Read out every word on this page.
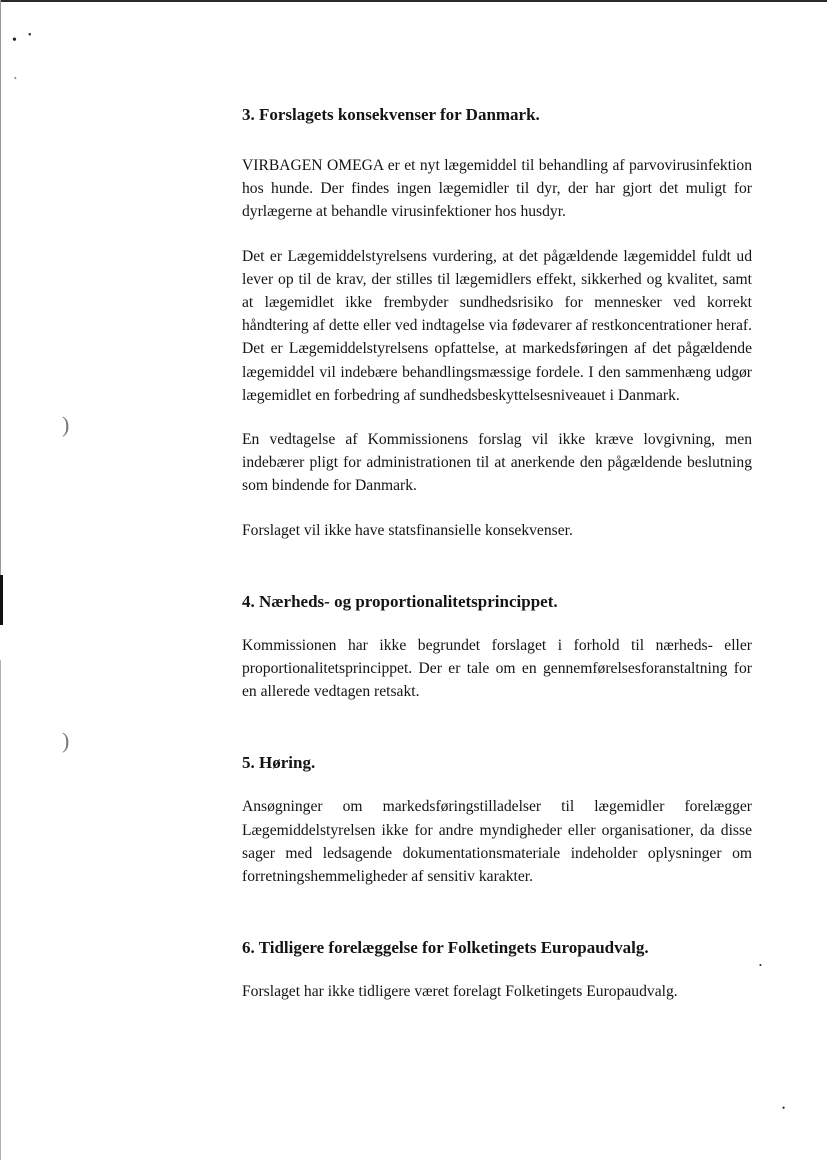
• •
˛
)
)
•
•
3. Forslagets konsekvenser for Danmark.

VIRBAGEN OMEGA er et nyt lægemiddel til behandling af parvovirusinfektion hos hunde. Der findes ingen lægemidler til dyr, der har gjort det muligt for dyrlægerne at behandle virusinfektioner hos husdyr.

Det er Lægemiddelstyrelsens vurdering, at det pågældende lægemiddel fuldt ud lever op til de krav, der stilles til lægemidlers effekt, sikkerhed og kvalitet, samt at lægemidlet ikke frembyder sundhedsrisiko for mennesker ved korrekt håndtering af dette eller ved indtagelse via fødevarer af restkoncentrationer heraf. Det er Lægemiddelstyrelsens opfattelse, at markedsføringen af det pågældende lægemiddel vil indebære behandlingsmæssige fordele. I den sammenhæng udgør lægemidlet en forbedring af sundhedsbeskyttelsesniveauet i Danmark.

En vedtagelse af Kommissionens forslag vil ikke kræve lovgivning, men indebærer pligt for administrationen til at anerkende den pågældende beslutning som bindende for Danmark.

Forslaget vil ikke have statsfinansielle konsekvenser.

4. Nærheds- og proportionalitetsprincippet.

Kommissionen har ikke begrundet forslaget i forhold til nærheds- eller proportionalitetsprincippet. Der er tale om en gennemførelsesforanstaltning for en allerede vedtagen retsakt.

5. Høring.

Ansøgninger om markedsføringstilladelser til lægemidler forelægger Lægemiddelstyrelsen ikke for andre myndigheder eller organisationer, da disse sager med ledsagende dokumentationsmateriale indeholder oplysninger om forretningshemmeligheder af sensitiv karakter.

6. Tidligere forelæggelse for Folketingets Europaudvalg.

Forslaget har ikke tidligere været forelagt Folketingets Europaudvalg.
